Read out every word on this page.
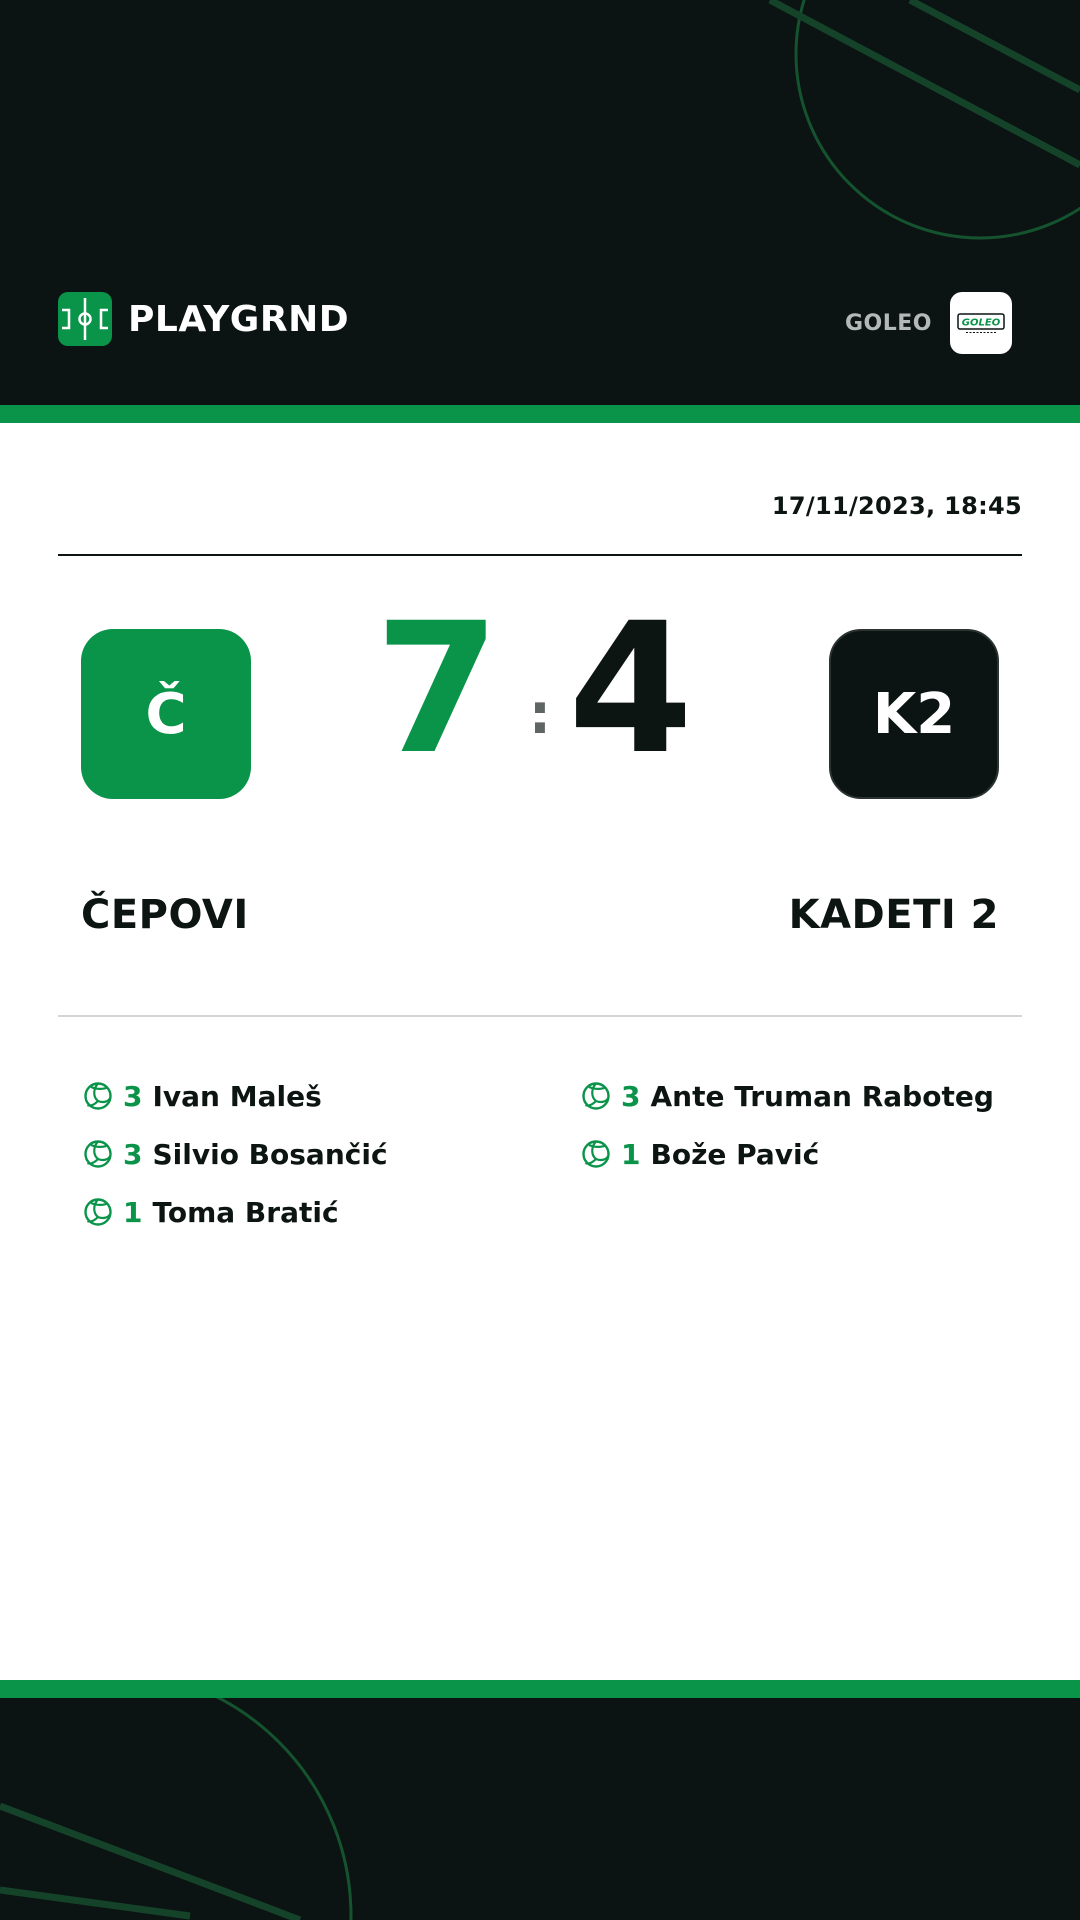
PLAYGRND	GOLEO	GOLEO
17/11/2023, 18:45
Č	7 : 4	K2
ČEPOVI	KADETI 2
3 Ivan Maleš
3 Silvio Bosančić
1 Toma Bratić
3 Ante Truman Raboteg
1 Bože Pavić
